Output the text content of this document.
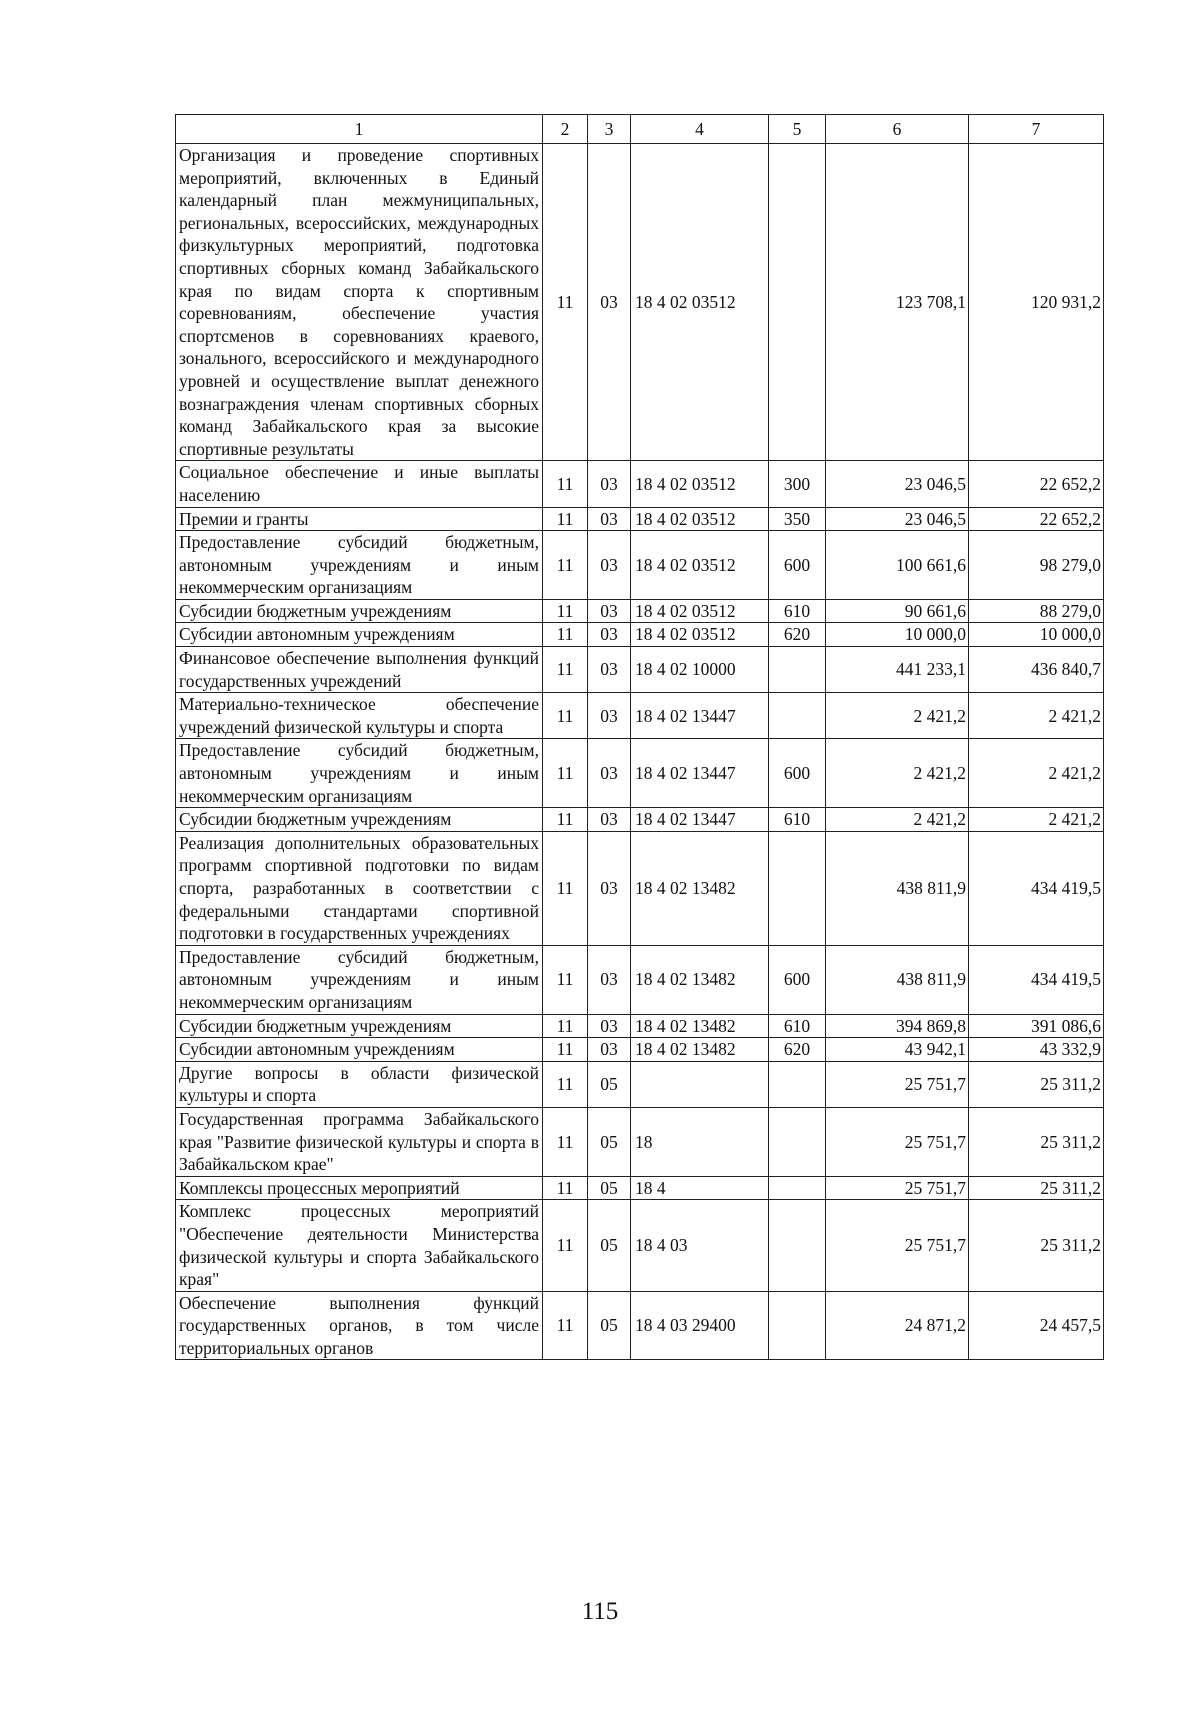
1	2	3	4	5	6	7
Организация и проведение спортивных мероприятий, включенных в Единый календарный план межмуниципальных, региональных, всероссийских, международных физкультурных мероприятий, подготовка спортивных сборных команд Забайкальского края по видам спорта к спортивным соревнованиям, обеспечение участия спортсменов в соревнованиях краевого, зонального, всероссийского и международного уровней и осуществление выплат денежного вознаграждения членам спортивных сборных команд Забайкальского края за высокие спортивные результаты	11	03	18 4 02 03512		123 708,1	120 931,2
Социальное обеспечение и иные выплаты населению	11	03	18 4 02 03512	300	23 046,5	22 652,2
Премии и гранты	11	03	18 4 02 03512	350	23 046,5	22 652,2
Предоставление субсидий бюджетным, автономным учреждениям и иным некоммерческим организациям	11	03	18 4 02 03512	600	100 661,6	98 279,0
Субсидии бюджетным учреждениям	11	03	18 4 02 03512	610	90 661,6	88 279,0
Субсидии автономным учреждениям	11	03	18 4 02 03512	620	10 000,0	10 000,0
Финансовое обеспечение выполнения функций государственных учреждений	11	03	18 4 02 10000		441 233,1	436 840,7
Материально-техническое обеспечение учреждений физической культуры и спорта	11	03	18 4 02 13447		2 421,2	2 421,2
Предоставление субсидий бюджетным, автономным учреждениям и иным некоммерческим организациям	11	03	18 4 02 13447	600	2 421,2	2 421,2
Субсидии бюджетным учреждениям	11	03	18 4 02 13447	610	2 421,2	2 421,2
Реализация дополнительных образовательных программ спортивной подготовки по видам спорта, разработанных в соответствии с федеральными стандартами спортивной подготовки в государственных учреждениях	11	03	18 4 02 13482		438 811,9	434 419,5
Предоставление субсидий бюджетным, автономным учреждениям и иным некоммерческим организациям	11	03	18 4 02 13482	600	438 811,9	434 419,5
Субсидии бюджетным учреждениям	11	03	18 4 02 13482	610	394 869,8	391 086,6
Субсидии автономным учреждениям	11	03	18 4 02 13482	620	43 942,1	43 332,9
Другие вопросы в области физической культуры и спорта	11	05			25 751,7	25 311,2
Государственная программа Забайкальского края "Развитие физической культуры и спорта в Забайкальском крае"	11	05	18		25 751,7	25 311,2
Комплексы процессных мероприятий	11	05	18 4		25 751,7	25 311,2
Комплекс процессных мероприятий "Обеспечение деятельности Министерства физической культуры и спорта Забайкальского края"	11	05	18 4 03		25 751,7	25 311,2
Обеспечение выполнения функций государственных органов, в том числе территориальных органов	11	05	18 4 03 29400		24 871,2	24 457,5
115
